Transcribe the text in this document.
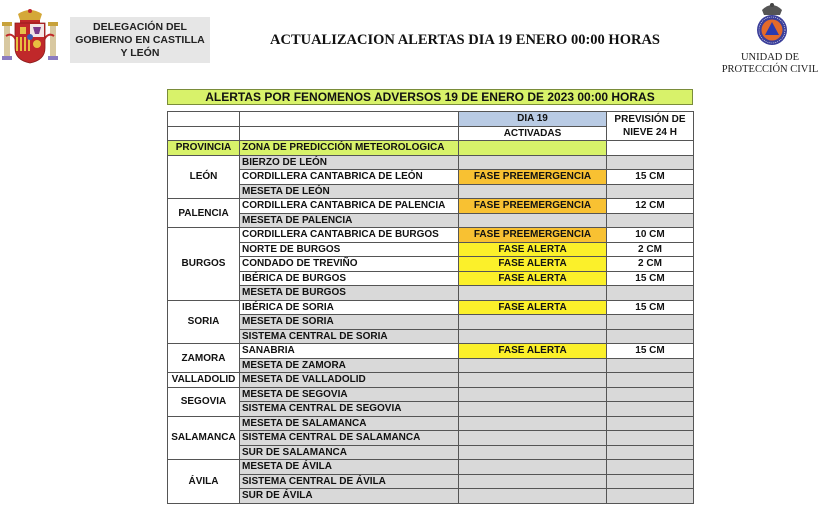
DELEGACIÓN DEL
GOBIERNO EN CASTILLA
Y LEÓN
ACTUALIZACION ALERTAS DIA 19 ENERO 00:00 HORAS
UNIDAD DE
PROTECCIÓN CIVIL
ALERTAS POR FENOMENOS ADVERSOS 19 DE ENERO DE 2023 00:00 HORAS
		DIA 19	PREVISIÓN DE
NIEVE 24 H

		ACTIVADAS	
PROVINCIA	ZONA DE PREDICCIÓN METEOROLOGICA		
LEÓN	BIERZO DE LEÓN		
	CORDILLERA CANTABRICA DE LEÓN	FASE PREEMERGENCIA	15 CM
	MESETA DE LEÓN		
PALENCIA	CORDILLERA CANTABRICA DE PALENCIA	FASE PREEMERGENCIA	12 CM
	MESETA DE PALENCIA		
BURGOS	CORDILLERA CANTABRICA DE BURGOS	FASE PREEMERGENCIA	10 CM
	NORTE DE BURGOS	FASE ALERTA	2 CM
	CONDADO DE TREVIÑO	FASE ALERTA	2 CM
	IBÉRICA DE BURGOS	FASE ALERTA	15 CM
	MESETA DE BURGOS		
SORIA	IBÉRICA DE SORIA	FASE ALERTA	15 CM
	MESETA DE SORIA		
	SISTEMA CENTRAL DE SORIA		
ZAMORA	SANABRIA	FASE ALERTA	15 CM
	MESETA DE ZAMORA		
VALLADOLID	MESETA DE VALLADOLID		
SEGOVIA	MESETA DE SEGOVIA		
	SISTEMA CENTRAL DE SEGOVIA		
SALAMANCA	MESETA DE SALAMANCA		
	SISTEMA CENTRAL DE SALAMANCA		
	SUR DE SALAMANCA		
ÁVILA	MESETA DE ÁVILA		
	SISTEMA CENTRAL DE ÁVILA		
	SUR DE ÁVILA		
